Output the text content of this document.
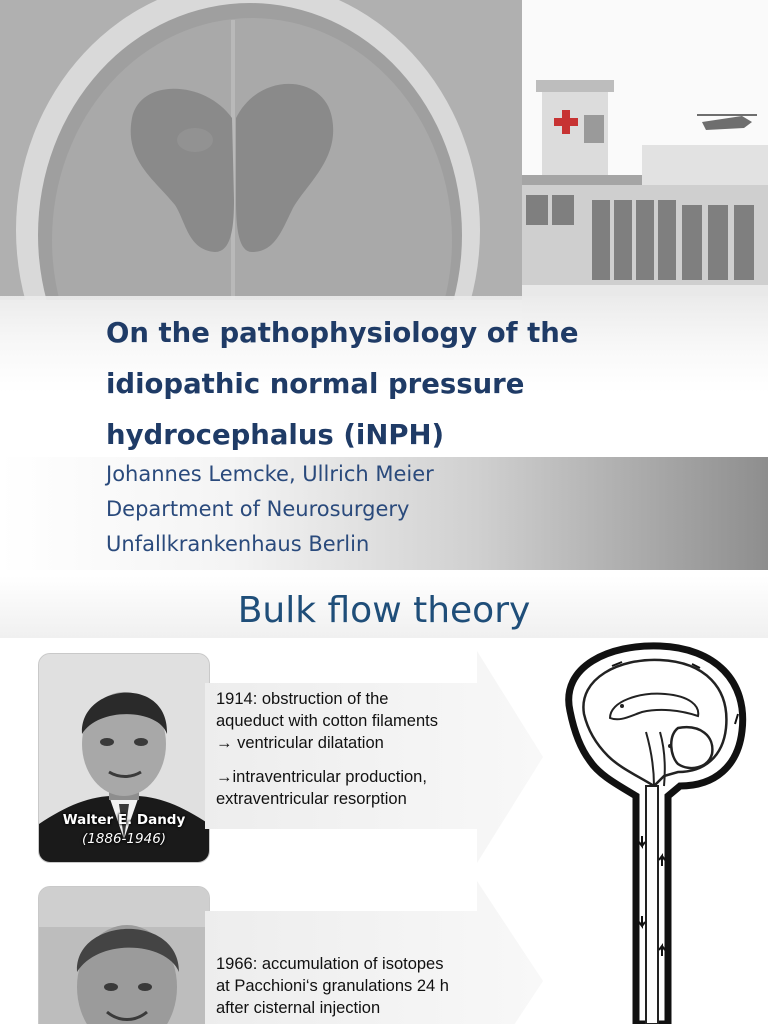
On the pathophysiology of the
idiopathic normal pressure
hydrocephalus (iNPH)
Johannes Lemcke, Ullrich Meier
Department of Neurosurgery
Unfallkrankenhaus Berlin
Bulk flow theory
Walter E. Dandy
(1886-1946)
1914: obstruction of the
aqueduct with cotton filaments
→ ventricular dilatation
→intraventricular production,
extraventricular resorption
1966: accumulation of isotopes
at Pacchioni‘s granulations 24 h
after cisternal injection
